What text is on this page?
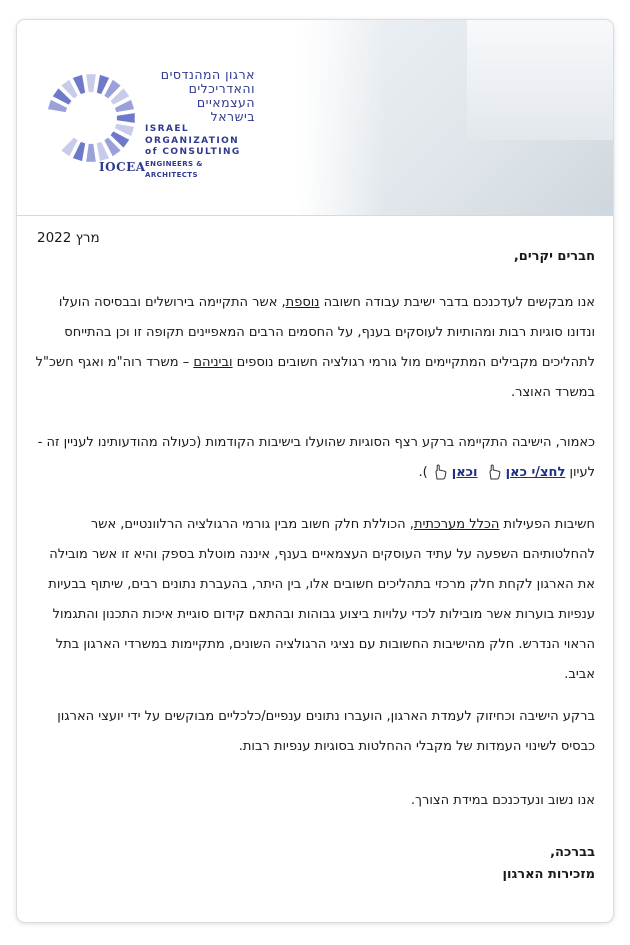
IOCEA
ארגון המהנדסים
והאדריכלים
העצמאיים
בישראל
ISRAEL
ORGANIZATION
of CONSULTING
ENGINEERS & ARCHITECTS
מרץ 2022
חברים יקרים,
אנו מבקשים לעדכנכם בדבר ישיבת עבודה חשובה נוספת, אשר התקיימה בירושלים ובבסיסה הועלו ונדונו סוגיות רבות ומהותיות לעוסקים בענף, על החסמים הרבים המאפיינים תקופה זו וכן בהתייחס לתהליכים מקבילים המתקיימים מול גורמי רגולציה חשובים נוספים וביניהם – משרד רוה"מ ואגף חשכ"ל במשרד האוצר.
כאמור, הישיבה התקיימה ברקע רצף הסוגיות שהועלו בישיבות הקודמות (כעולה מהודעותינו לעניין זה - לעיון לחצ/י כאן וכאן).
חשיבות הפעילות הכלל מערכתית, הכוללת חלק חשוב מבין גורמי הרגולציה הרלוונטיים, אשר להחלטותיהם השפעה על עתיד העוסקים העצמאיים בענף, איננה מוטלת בספק והיא זו אשר מובילה את הארגון לקחת חלק מרכזי בתהליכים חשובים אלו, בין היתר, בהעברת נתונים רבים, שיתוף בבעיות ענפיות בוערות אשר מובילות לכדי עלויות ביצוע גבוהות ובהתאם קידום סוגיית איכות התכנון והתגמול הראוי הנדרש. חלק מהישיבות החשובות עם נציגי הרגולציה השונים, מתקיימות במשרדי הארגון בתל אביב.
ברקע הישיבה וכחיזוק לעמדת הארגון, הועברו נתונים ענפיים/כלכליים מבוקשים על ידי יועצי הארגון כבסיס לשינוי העמדות של מקבלי ההחלטות בסוגיות ענפיות רבות.
אנו נשוב ונעדכנכם במידת הצורך.
בברכה,
מזכירות הארגון
